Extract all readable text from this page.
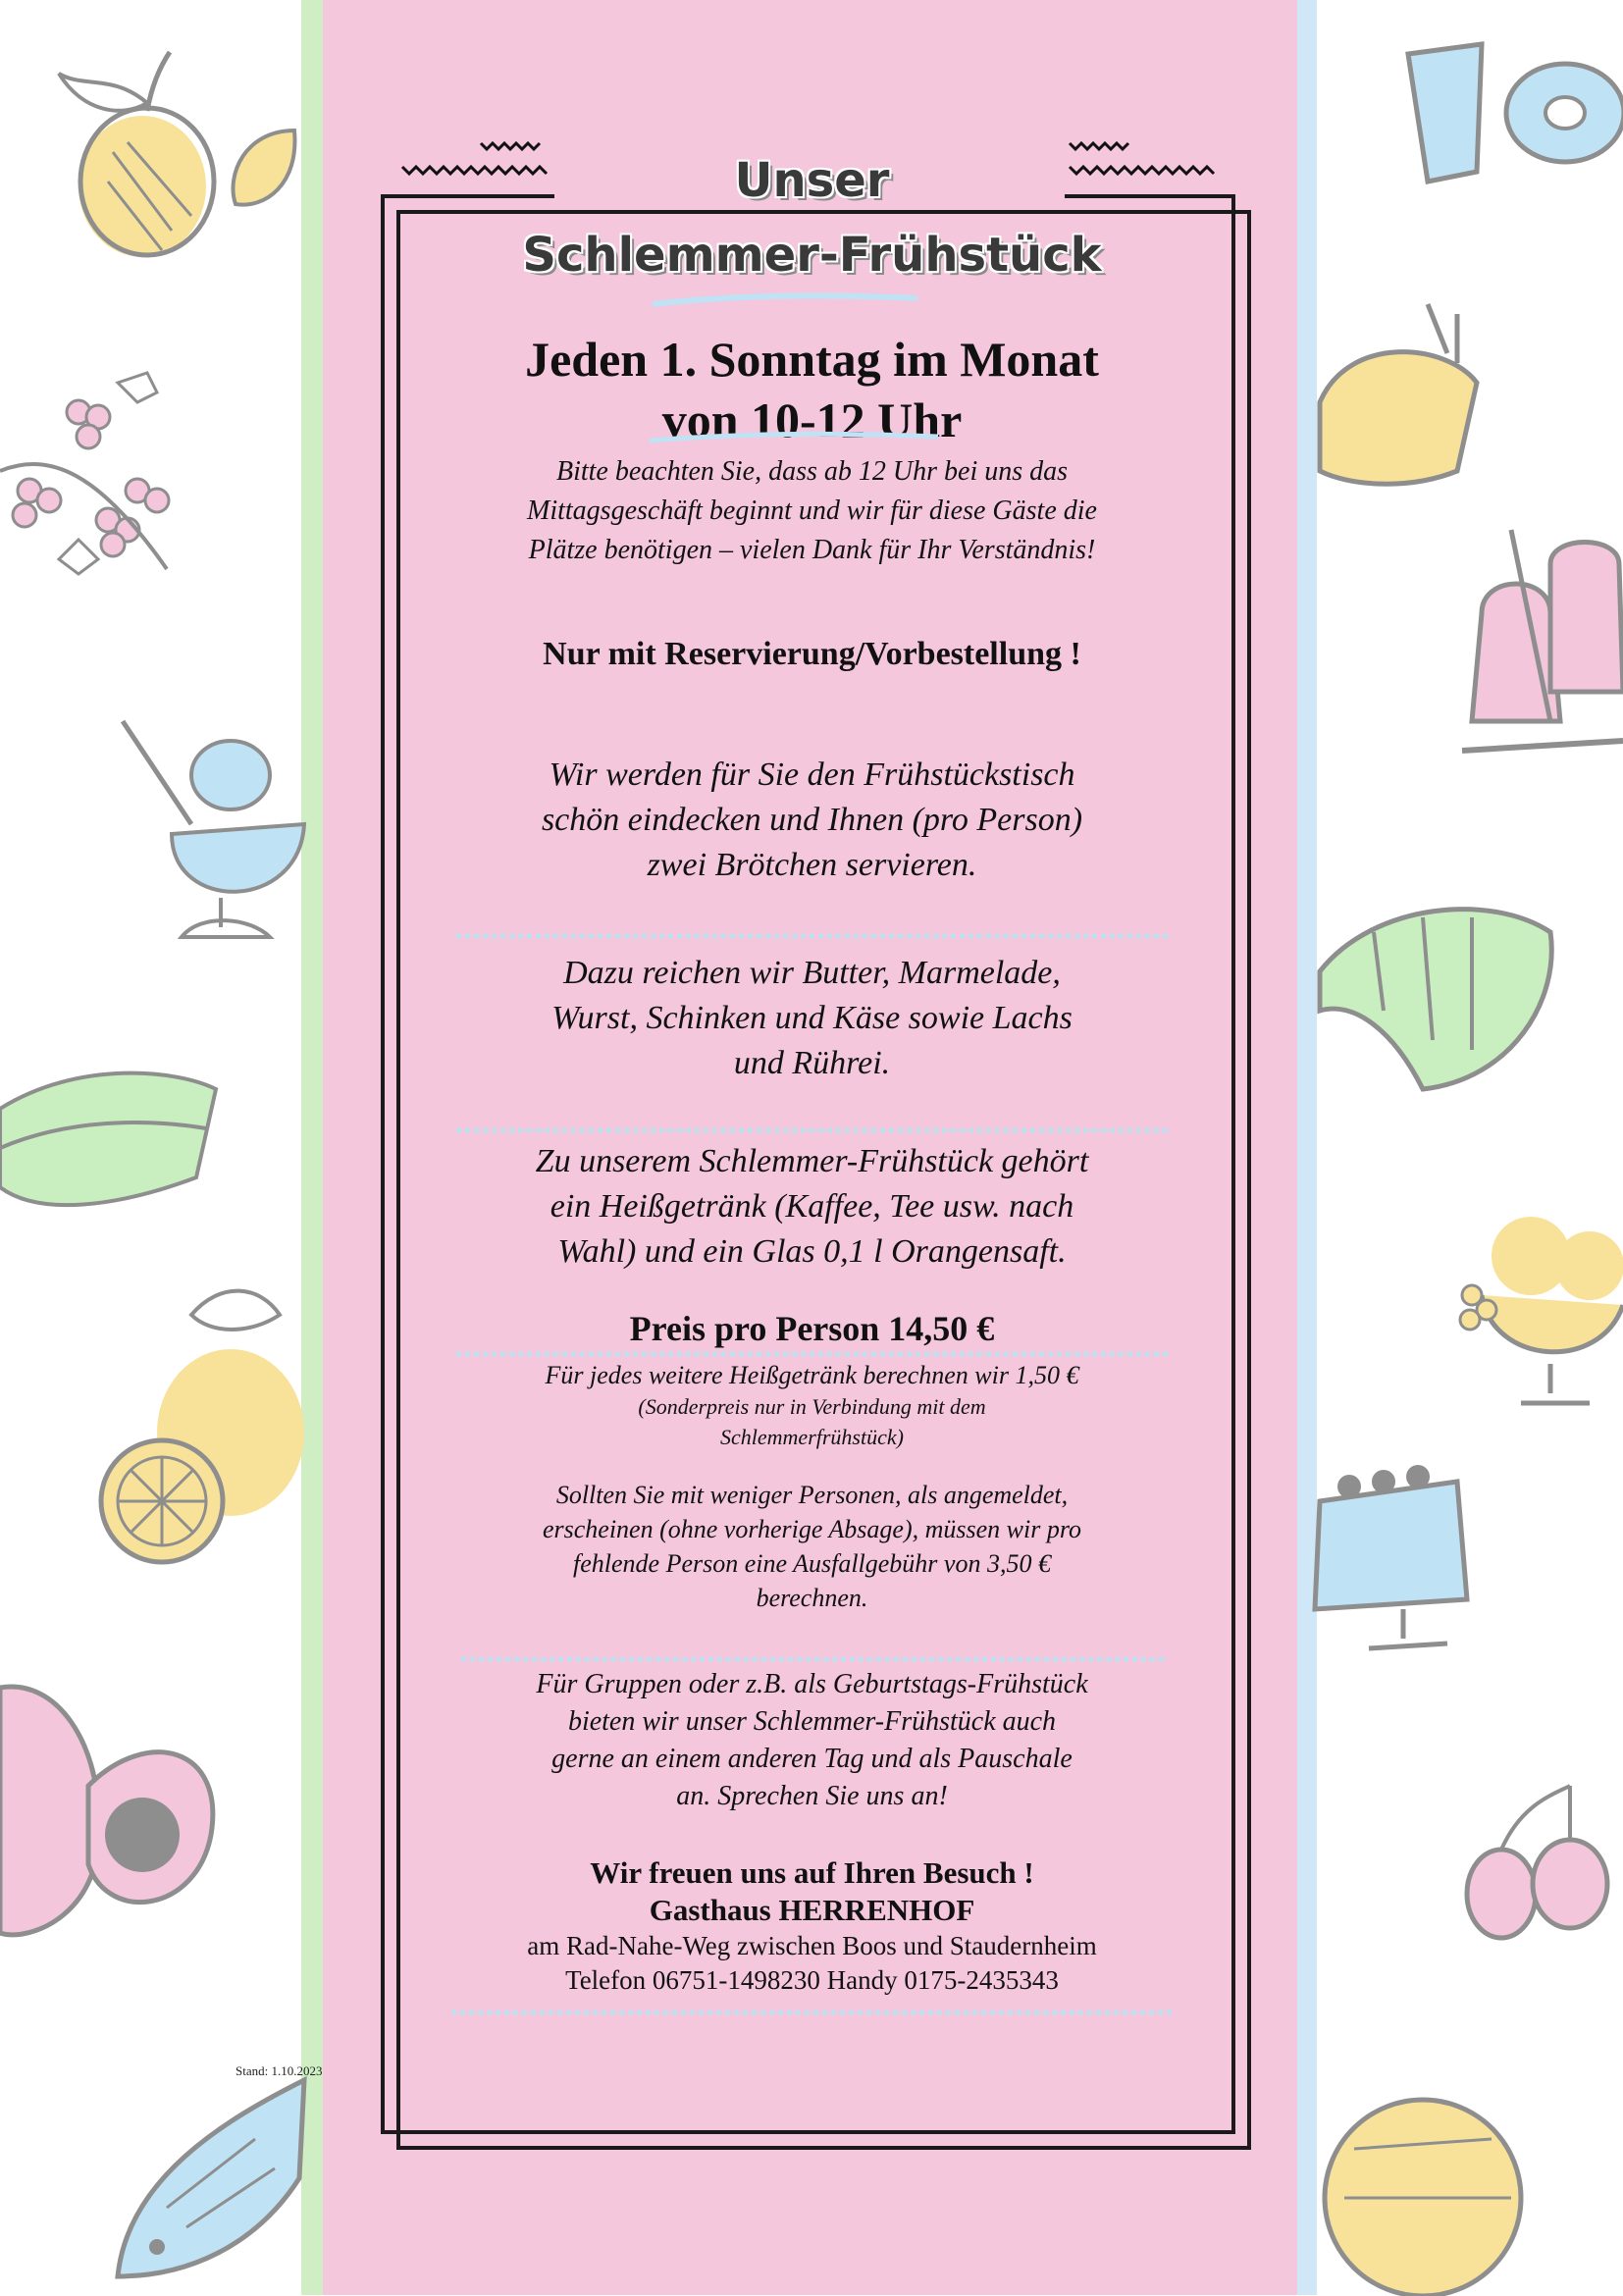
Unser
Schlemmer-Frühstück

Jeden 1. Sonntag im Monat

von 10-12 Uhr

Bitte beachten Sie, dass ab 12 Uhr bei uns das

Mittagsgeschäft beginnt und wir für diese Gäste die

Plätze benötigen – vielen Dank für Ihr Verständnis!

Nur mit Reservierung/Vorbestellung !

Wir werden für Sie den Frühstückstisch

schön eindecken und Ihnen (pro Person)

zwei Brötchen servieren.

Dazu reichen wir Butter, Marmelade,

Wurst, Schinken und Käse sowie Lachs

und Rührei.

Zu unserem Schlemmer-Frühstück gehört

ein Heißgetränk (Kaffee, Tee usw. nach

Wahl) und ein Glas 0,1 l Orangensaft.

Preis pro Person 14,50 €

Für jedes weitere Heißgetränk berechnen wir 1,50 €

(Sonderpreis nur in Verbindung mit dem

Schlemmerfrühstück)

Sollten Sie mit weniger Personen, als angemeldet,

erscheinen (ohne vorherige Absage), müssen wir pro

fehlende Person eine Ausfallgebühr von 3,50 €

berechnen.

Für Gruppen oder z.B. als Geburtstags-Frühstück

bieten wir unser Schlemmer-Frühstück auch

gerne an einem anderen Tag und als Pauschale

an. Sprechen Sie uns an!

Wir freuen uns auf Ihren Besuch !

Gasthaus HERRENHOF

am Rad-Nahe-Weg zwischen Boos und Staudernheim

Telefon 06751-1498230 Handy 0175-2435343

Stand: 1.10.2023
